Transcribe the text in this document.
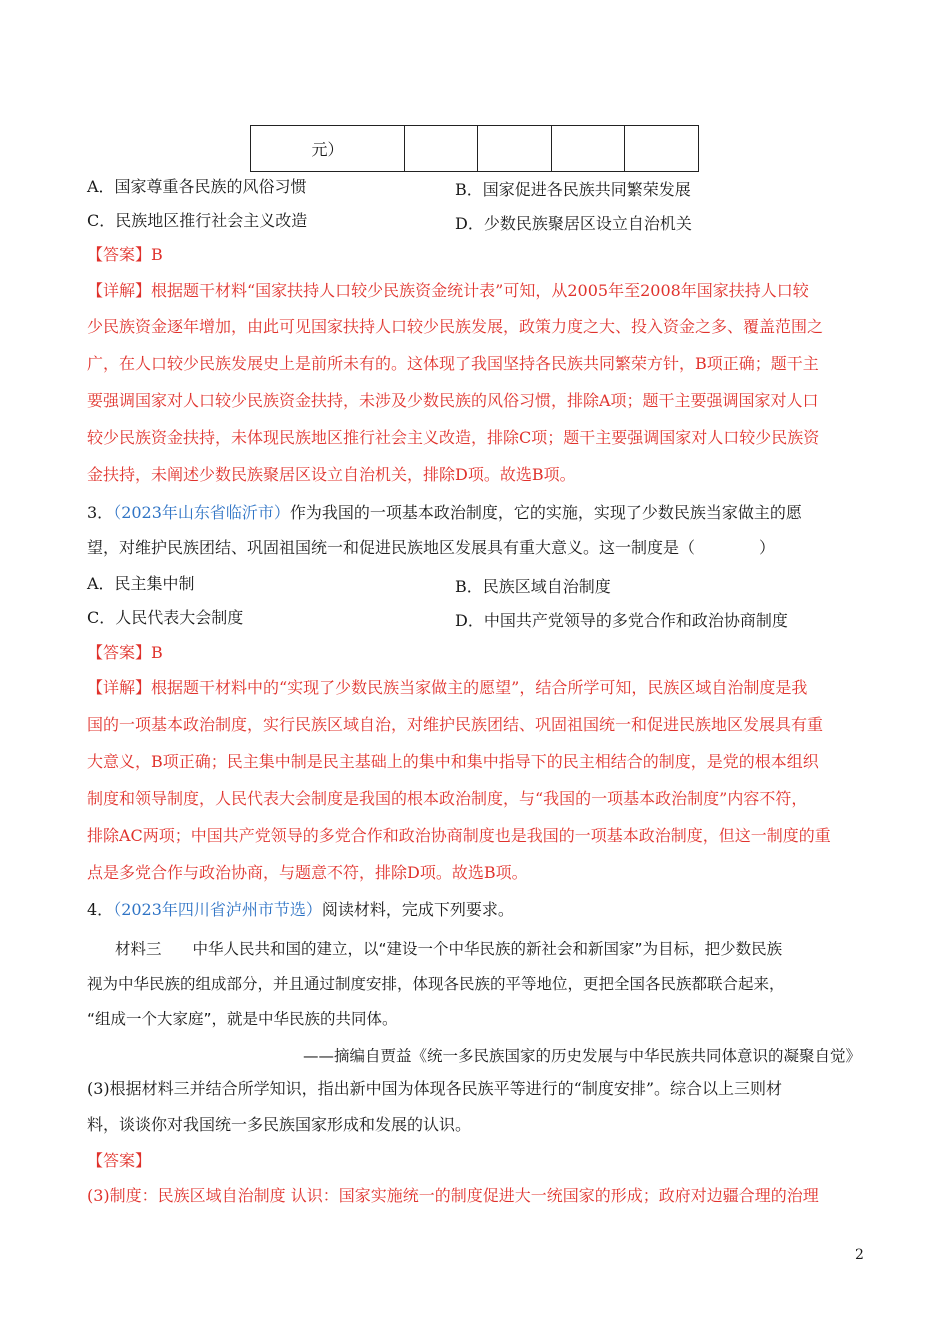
元）				
A．国家尊重各民族的风俗习惯	B．国家促进各民族共同繁荣发展
C．民族地区推行社会主义改造	D．少数民族聚居区设立自治机关
【答案】B
【详解】根据题干材料“国家扶持人口较少民族资金统计表”可知，从2005年至2008年国家扶持人口较
少民族资金逐年增加，由此可见国家扶持人口较少民族发展，政策力度之大、投入资金之多、覆盖范围之
广，在人口较少民族发展史上是前所未有的。这体现了我国坚持各民族共同繁荣方针，B项正确；题干主
要强调国家对人口较少民族资金扶持，未涉及少数民族的风俗习惯，排除A项；题干主要强调国家对人口
较少民族资金扶持，未体现民族地区推行社会主义改造，排除C项；题干主要强调国家对人口较少民族资
金扶持，未阐述少数民族聚居区设立自治机关，排除D项。故选B项。
3．（2023年山东省临沂市）作为我国的一项基本政治制度，它的实施，实现了少数民族当家做主的愿
望，对维护民族团结、巩固祖国统一和促进民族地区发展具有重大意义。这一制度是（　　　　）
A．民主集中制	B．民族区域自治制度
C．人民代表大会制度	D．中国共产党领导的多党合作和政治协商制度
【答案】B
【详解】根据题干材料中的“实现了少数民族当家做主的愿望”，结合所学可知，民族区域自治制度是我
国的一项基本政治制度，实行民族区域自治，对维护民族团结、巩固祖国统一和促进民族地区发展具有重
大意义，B项正确；民主集中制是民主基础上的集中和集中指导下的民主相结合的制度，是党的根本组织
制度和领导制度，人民代表大会制度是我国的根本政治制度，与“我国的一项基本政治制度”内容不符，
排除AC两项；中国共产党领导的多党合作和政治协商制度也是我国的一项基本政治制度，但这一制度的重
点是多党合作与政治协商，与题意不符，排除D项。故选B项。
4．（2023年四川省泸州市节选）阅读材料，完成下列要求。
材料三　　中华人民共和国的建立，以“建设一个中华民族的新社会和新国家”为目标，把少数民族
视为中华民族的组成部分，并且通过制度安排，体现各民族的平等地位，更把全国各民族都联合起来，
“组成一个大家庭”，就是中华民族的共同体。
——摘编自贾益《统一多民族国家的历史发展与中华民族共同体意识的凝聚自觉》
(3)根据材料三并结合所学知识，指出新中国为体现各民族平等进行的“制度安排”。综合以上三则材
料，谈谈你对我国统一多民族国家形成和发展的认识。
【答案】
(3)制度：民族区域自治制度 认识：国家实施统一的制度促进大一统国家的形成；政府对边疆合理的治理
2
